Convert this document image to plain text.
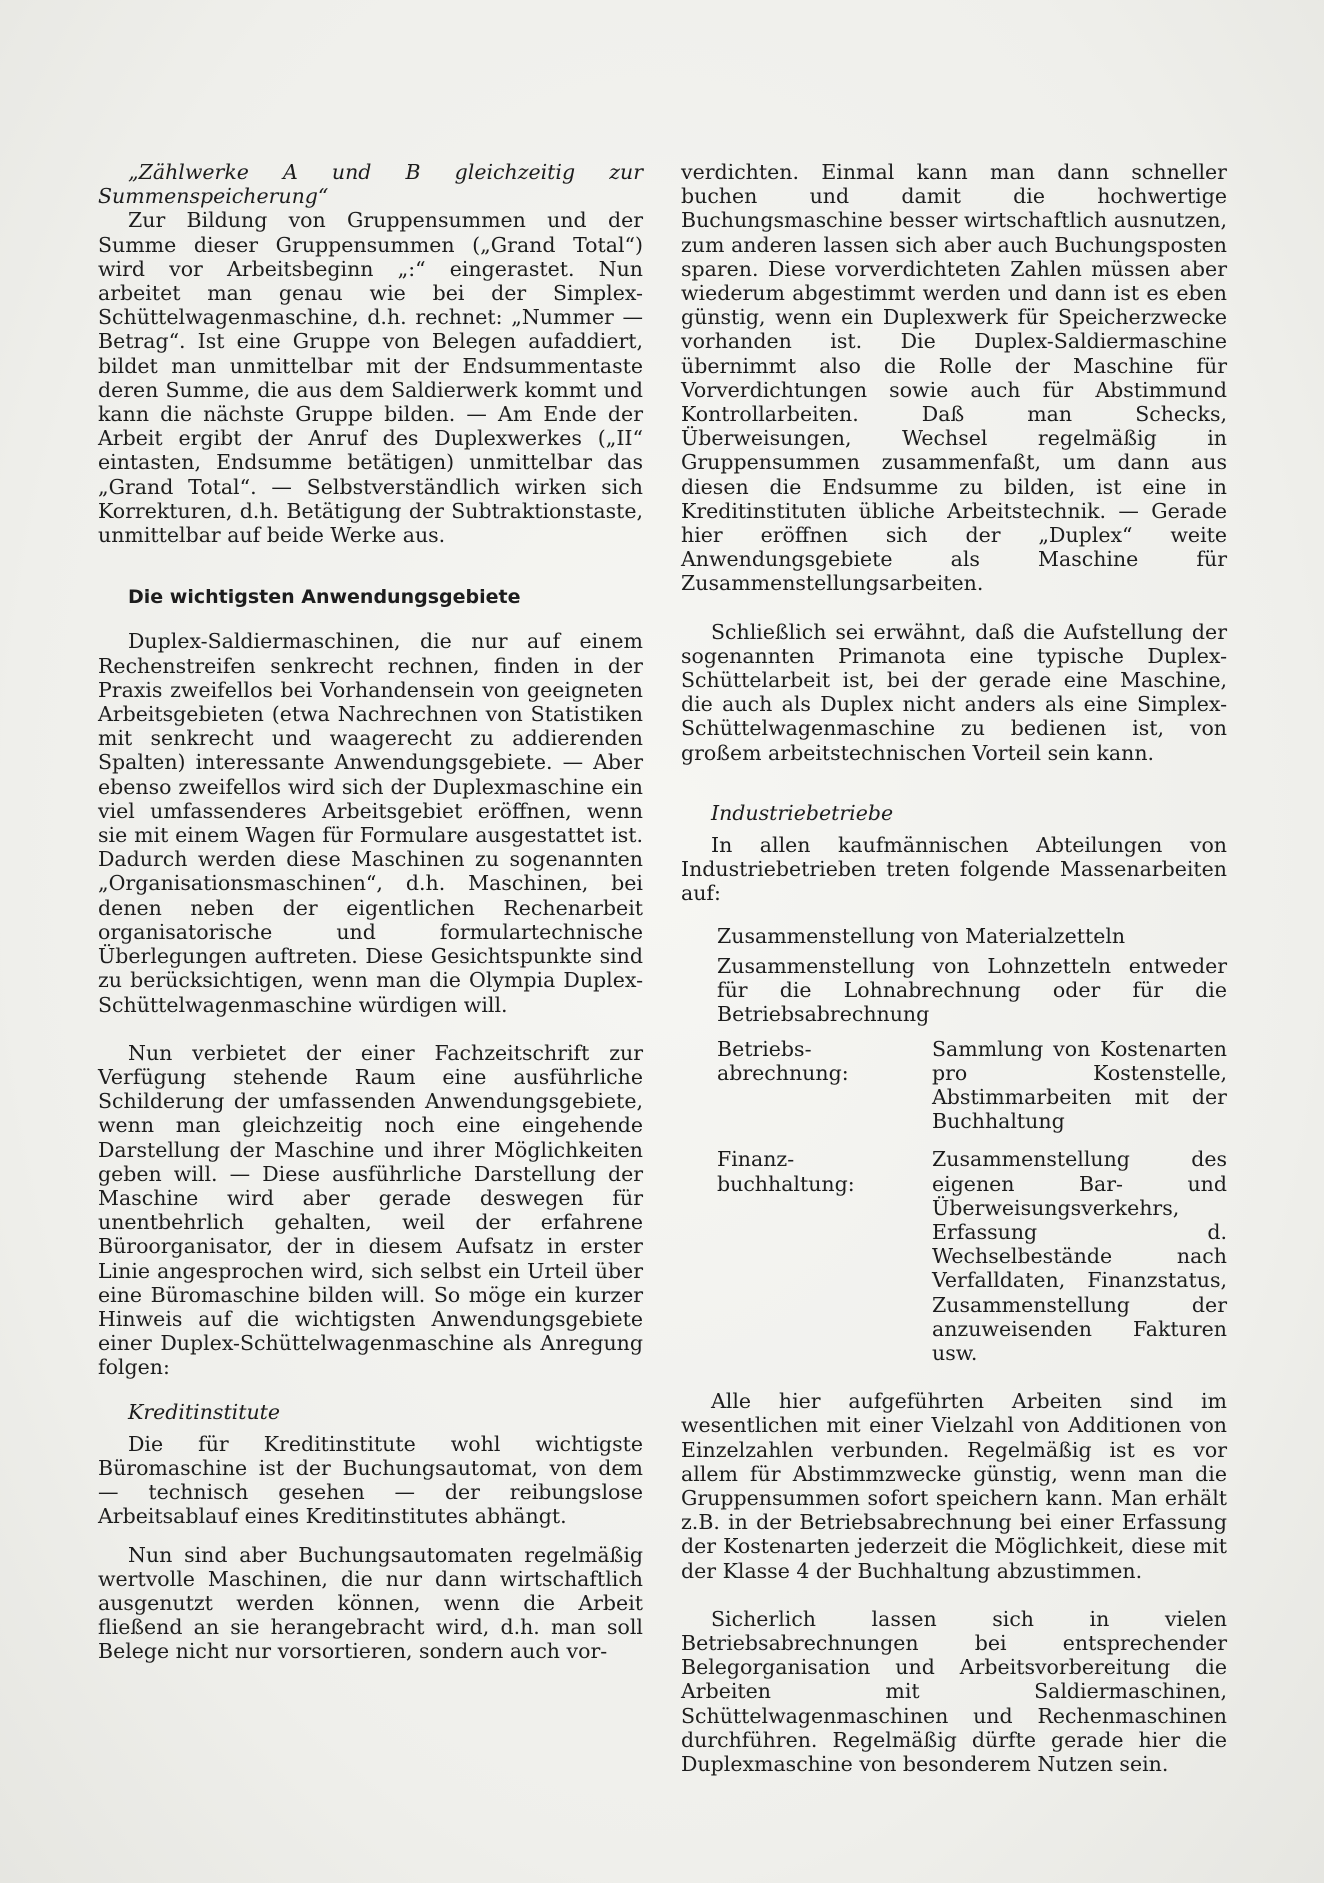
„Zählwerke A und B gleichzeitig zur Summenspeicherung“

Zur Bildung von Gruppensummen und der Summe dieser Gruppensummen („Grand Total“) wird vor Arbeitsbeginn „:“ eingerastet. Nun arbeitet man genau wie bei der Simplex-Schüttelwagenmaschine, d.h. rechnet: „Nummer — Betrag“. Ist eine Gruppe von Belegen aufaddiert, bildet man unmittelbar mit der Endsummentaste deren Summe, die aus dem Saldierwerk kommt und kann die nächste Gruppe bilden. — Am Ende der Arbeit ergibt der Anruf des Duplexwerkes („II“ eintasten, Endsumme betätigen) unmittelbar das „Grand Total“. — Selbstverständlich wirken sich Korrekturen, d.h. Betätigung der Subtraktionstaste, unmittelbar auf beide Werke aus.

Die wichtigsten Anwendungsgebiete

Duplex-Saldiermaschinen, die nur auf einem Rechenstreifen senkrecht rechnen, finden in der Praxis zweifellos bei Vorhandensein von geeigneten Arbeitsgebieten (etwa Nachrechnen von Statistiken mit senkrecht und waagerecht zu addierenden Spalten) interessante Anwendungsgebiete. — Aber ebenso zweifellos wird sich der Duplexmaschine ein viel umfassenderes Arbeitsgebiet eröffnen, wenn sie mit einem Wagen für Formulare ausgestattet ist. Dadurch werden diese Maschinen zu sogenannten „Organisationsmaschinen“, d.h. Maschinen, bei denen neben der eigentlichen Rechenarbeit organisatorische und formulartechnische Überlegungen auftreten. Diese Gesichtspunkte sind zu berücksichtigen, wenn man die Olympia Duplex-Schüttelwagenmaschine würdigen will.

Nun verbietet der einer Fachzeitschrift zur Verfügung stehende Raum eine ausführliche Schilderung der umfassenden Anwendungsgebiete, wenn man gleichzeitig noch eine eingehende Darstellung der Maschine und ihrer Möglichkeiten geben will. — Diese ausführliche Darstellung der Maschine wird aber gerade deswegen für unentbehrlich gehalten, weil der erfahrene Büroorganisator, der in diesem Aufsatz in erster Linie angesprochen wird, sich selbst ein Urteil über eine Büromaschine bilden will. So möge ein kurzer Hinweis auf die wichtigsten Anwendungsgebiete einer Duplex-Schüttelwagenmaschine als Anregung folgen:

Kreditinstitute

Die für Kreditinstitute wohl wichtigste Büromaschine ist der Buchungsautomat, von dem — technisch gesehen — der reibungslose Arbeitsablauf eines Kreditinstitutes abhängt.

Nun sind aber Buchungsautomaten regelmäßig wertvolle Maschinen, die nur dann wirtschaftlich ausgenutzt werden können, wenn die Arbeit fließend an sie herangebracht wird, d.h. man soll Belege nicht nur vorsortieren, sondern auch vor-

verdichten. Einmal kann man dann schneller buchen und damit die hochwertige Buchungsmaschine besser wirtschaftlich ausnutzen, zum anderen lassen sich aber auch Buchungsposten sparen. Diese vorverdichteten Zahlen müssen aber wiederum abgestimmt werden und dann ist es eben günstig, wenn ein Duplexwerk für Speicherzwecke vorhanden ist. Die Duplex-Saldiermaschine übernimmt also die Rolle der Maschine für Vorverdichtungen sowie auch für Abstimmund Kontrollarbeiten. Daß man Schecks, Überweisungen, Wechsel regelmäßig in Gruppensummen zusammenfaßt, um dann aus diesen die Endsumme zu bilden, ist eine in Kreditinstituten übliche Arbeitstechnik. — Gerade hier eröffnen sich der „Duplex“ weite Anwendungsgebiete als Maschine für Zusammenstellungsarbeiten.

Schließlich sei erwähnt, daß die Aufstellung der sogenannten Primanota eine typische Duplex-Schüttelarbeit ist, bei der gerade eine Maschine, die auch als Duplex nicht anders als eine Simplex-Schüttelwagenmaschine zu bedienen ist, von großem arbeitstechnischen Vorteil sein kann.

Industriebetriebe

In allen kaufmännischen Abteilungen von Industriebetrieben treten folgende Massenarbeiten auf:

Zusammenstellung von Materialzetteln
Zusammenstellung von Lohnzetteln entweder für die Lohnabrechnung oder für die Betriebsabrechnung
Betriebs-
abrechnung:
Sammlung von Kostenarten pro Kostenstelle, Abstimmarbeiten mit der Buchhaltung
Finanz-
buchhaltung:
Zusammenstellung des eigenen Bar- und Überweisungsverkehrs, Erfassung d. Wechselbestände nach Verfalldaten, Finanzstatus, Zusammenstellung der anzuweisenden Fakturen usw.

Alle hier aufgeführten Arbeiten sind im wesentlichen mit einer Vielzahl von Additionen von Einzelzahlen verbunden. Regelmäßig ist es vor allem für Abstimmzwecke günstig, wenn man die Gruppensummen sofort speichern kann. Man erhält z.B. in der Betriebsabrechnung bei einer Erfassung der Kostenarten jederzeit die Möglichkeit, diese mit der Klasse 4 der Buchhaltung abzustimmen.

Sicherlich lassen sich in vielen Betriebsabrechnungen bei entsprechender Belegorganisation und Arbeitsvorbereitung die Arbeiten mit Saldiermaschinen, Schüttelwagenmaschinen und Rechenmaschinen durchführen. Regelmäßig dürfte gerade hier die Duplexmaschine von besonderem Nutzen sein.
